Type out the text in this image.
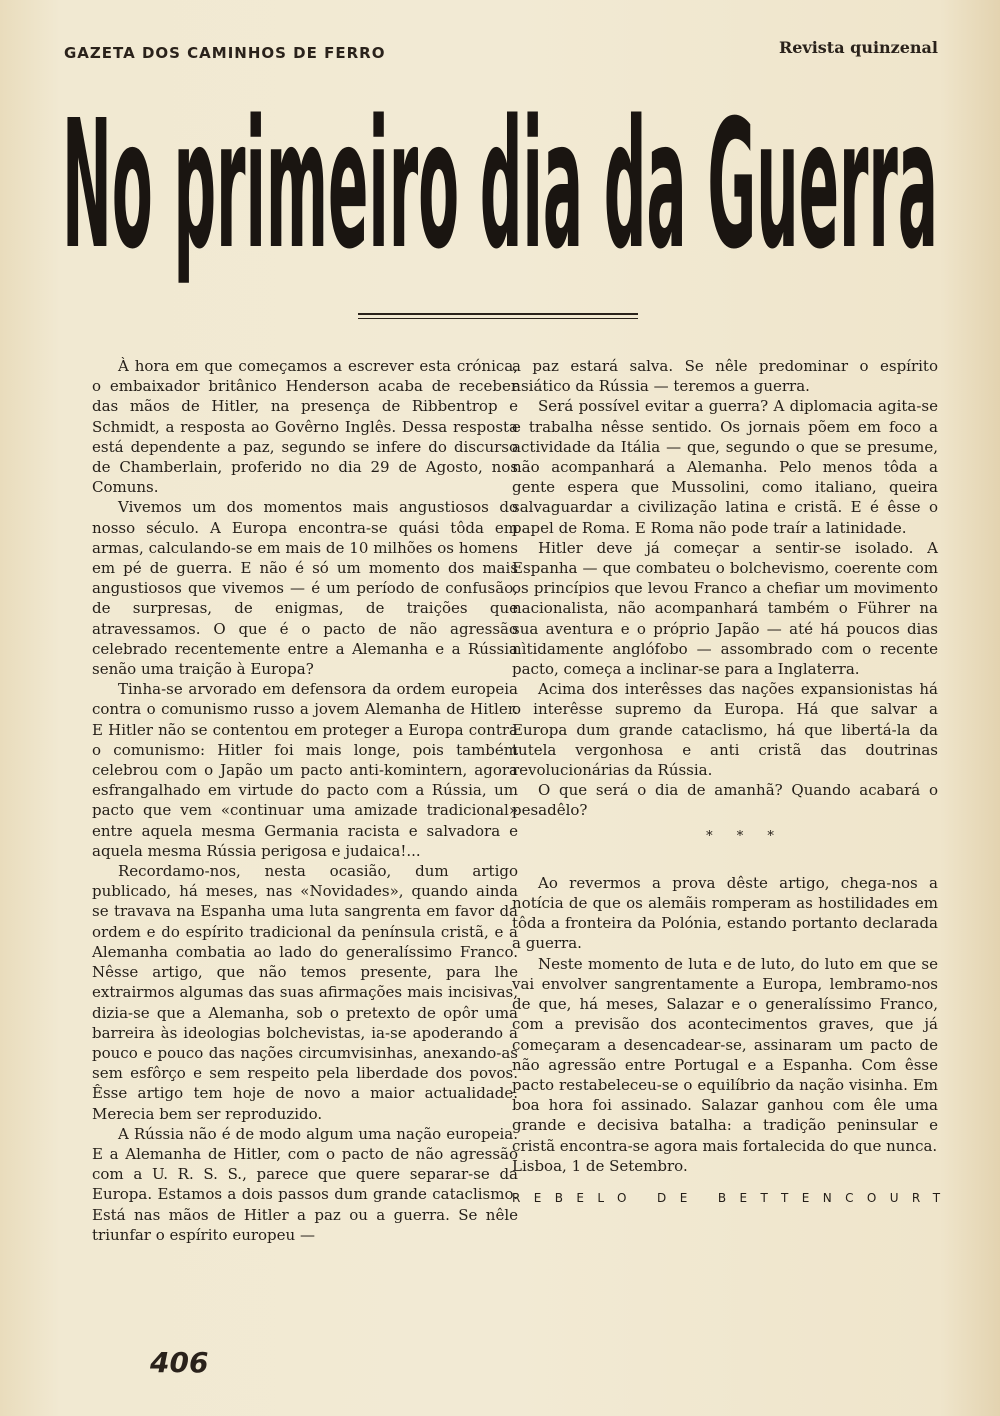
GAZETA DOS CAMINHOS DE FERRO	Revista quinzenal
No primeiro dia da Guerra

À hora em que começamos a escrever esta crónica, o embaixador britânico Henderson acaba de receber das mãos de Hitler, na presença de Ribbentrop e Schmidt, a resposta ao Govêrno Inglês. Dessa resposta está dependente a paz, segundo se infere do discurso de Chamberlain, proferido no dia 29 de Agosto, nos Comuns.

Vivemos um dos momentos mais angustiosos do nosso século. A Europa encontra-se quási tôda em armas, calculando-se em mais de 10 milhões os homens em pé de guerra. E não é só um momento dos mais angustiosos que vivemos — é um período de confusão, de surpresas, de enigmas, de traições que atravessamos. O que é o pacto de não agressão celebrado recentemente entre a Alemanha e a Rússia senão uma traição à Europa?

Tinha-se arvorado em defensora da ordem europeia contra o comunismo russo a jovem Alemanha de Hitler. E Hitler não se contentou em proteger a Europa contra o comunismo: Hitler foi mais longe, pois também celebrou com o Japão um pacto anti-komintern, agora esfrangalhado em virtude do pacto com a Rússia, um pacto que vem «continuar uma amizade tradicional» entre aquela mesma Germania racista e salvadora e aquela mesma Rússia perigosa e judaica!...

Recordamo-nos, nesta ocasião, dum artigo publicado, há meses, nas «Novidades», quando ainda se travava na Espanha uma luta sangrenta em favor da ordem e do espírito tradicional da península cristã, e a Alemanha combatia ao lado do generalíssimo Franco. Nêsse artigo, que não temos presente, para lhe extrairmos algumas das suas afirmações mais incisivas, dizia-se que a Alemanha, sob o pretexto de opôr uma barreira às ideologias bolchevistas, ia-se apoderando a pouco e pouco das nações circumvisinhas, anexando-as sem esfôrço e sem respeito pela liberdade dos povos. Êsse artigo tem hoje de novo a maior actualidade. Merecia bem ser reproduzido.

A Rússia não é de modo algum uma nação europeia. E a Alemanha de Hitler, com o pacto de não agressão com a U. R. S. S., parece que quere separar-se da Europa. Estamos a dois passos dum grande cataclismo. Está nas mãos de Hitler a paz ou a guerra. Se nêle triunfar o espírito europeu —

a paz estará salva. Se nêle predominar o espírito asiático da Rússia — teremos a guerra.

Será possível evitar a guerra? A diplomacia agita-se e trabalha nêsse sentido. Os jornais põem em foco a actividade da Itália — que, segundo o que se presume, não acompanhará a Alemanha. Pelo menos tôda a gente espera que Mussolini, como italiano, queira salvaguardar a civilização latina e cristã. E é êsse o papel de Roma. E Roma não pode traír a latinidade.

Hitler deve já começar a sentir-se isolado. A Espanha — que combateu o bolchevismo, coerente com os princípios que levou Franco a chefiar um movimento nacionalista, não acompanhará também o Führer na sua aventura e o próprio Japão — até há poucos dias nìtidamente anglófobo — assombrado com o recente pacto, começa a inclinar-se para a Inglaterra.

Acima dos interêsses das nações expansionistas há o interêsse supremo da Europa. Há que salvar a Europa dum grande cataclismo, há que libertá-la da tutela vergonhosa e anti cristã das doutrinas revolucionárias da Rússia.

O que será o dia de amanhã? Quando acabará o pesadêlo?

* * *

Ao revermos a prova dêste artigo, chega-nos a notícia de que os alemãis romperam as hostilidades em tôda a fronteira da Polónia, estando portanto declarada a guerra.

Neste momento de luta e de luto, do luto em que se vai envolver sangrentamente a Europa, lembramo-nos de que, há meses, Salazar e o generalíssimo Franco, com a previsão dos acontecimentos graves, que já começaram a desencadear-se, assinaram um pacto de não agressão entre Portugal e a Espanha. Com êsse pacto restabeleceu-se o equilíbrio da nação visinha. Em boa hora foi assinado. Salazar ganhou com êle uma grande e decisiva batalha: a tradição peninsular e cristã encontra-se agora mais fortalecida do que nunca.

Lisboa, 1 de Setembro.

REBELO DE BETTENCOURT
406
